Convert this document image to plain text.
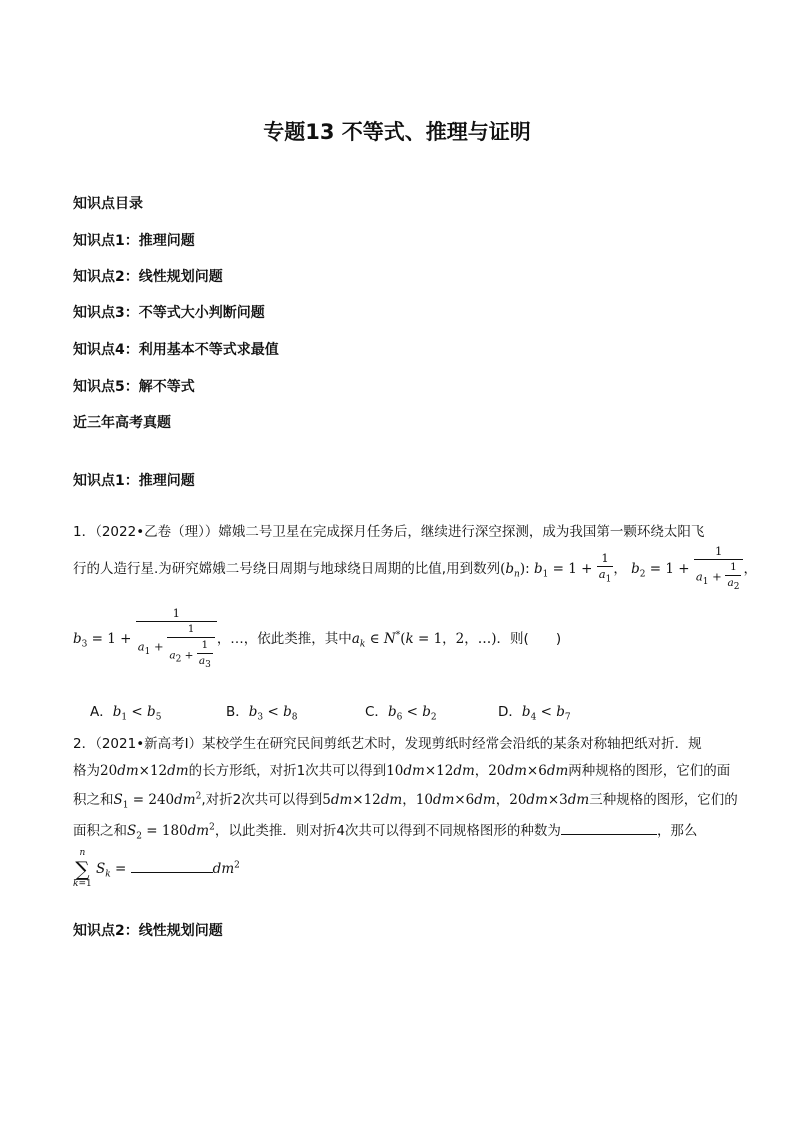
专题13 不等式、推理与证明
知识点目录
知识点1：推理问题
知识点2：线性规划问题
知识点3：不等式大小判断问题
知识点4：利用基本不等式求最值
知识点5：解不等式
近三年高考真题
知识点1：推理问题
1．（2022•乙卷（理））嫦娥二号卫星在完成探月任务后，继续进行深空探测，成为我国第一颗环绕太阳飞
行的人造行星.为研究嫦娥二号绕日周期与地球绕日周期的比值,用到数列$(b_n)$: $b_1 = 1 + \frac{1}{a_1}$ ， $b_2 = 1 + \frac{1}{a_1 + \frac{1}{a_2}}$ ，
$b_3 = 1 + \frac{1}{a_1 + \frac{1}{a_2 + \frac{1}{a_3}}}$ ，…，依此类推，其中$a_k$ ∈ N*(k = 1，2，…)．则(　　)
A．$b_1 < b_5$	B．$b_3 < b_8$	C．$b_6 < b_2$	D．$b_4 < b_7$
2．（2021•新高考Ⅰ）某校学生在研究民间剪纸艺术时，发现剪纸时经常会沿纸的某条对称轴把纸对折．规
格为20dm×12dm的长方形纸，对折1次共可以得到10dm×12dm，20dm×6dm两种规格的图形，它们的面
积之和$S_1 = 240dm^2$,对折2次共可以得到5dm×12dm，10dm×6dm，20dm×3dm三种规格的图形，它们的
面积之和$S_2 = 180dm^2$，以此类推．则对折4次共可以得到不同规格图形的种数为	，那么
n
∑
k=1
$S_k$ =	$dm^2$
知识点2：线性规划问题
